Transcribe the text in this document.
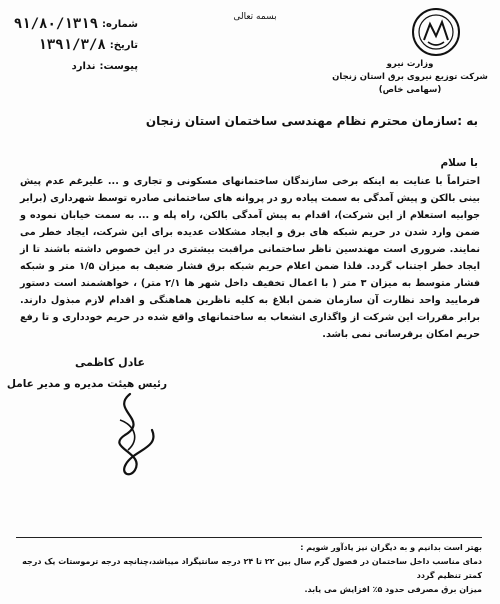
بسمه تعالی
وزارت نیرو
شرکت توزیع نیروی برق استان زنجان
(سهامی خاص)
شماره:
۹۱/۸۰/۱۳۱۹
تاریخ:
۱۳۹۱/۳/۸
پیوست:
ندارد
به :سازمان محترم نظام مهندسی ساختمان استان زنجان
با سلام
احتراماً با عنایت به اینکه برخی سازندگان ساختمانهای مسکونی و تجاری و ... علیرغم عدم پیش بینی بالکن و پیش آمدگی به سمت پیاده رو در پروانه های ساختمانی صادره توسط شهرداری (برابر جوابیه استعلام از این شرکت)، اقدام به پیش آمدگی بالکن، راه پله و ... به سمت خیابان نموده و ضمن وارد شدن در حریم شبکه های برق و ایجاد مشکلات عدیده برای این شرکت، ایجاد خطر می نمایند. ضروری است مهندسین ناظر ساختمانی مراقبت بیشتری در این خصوص داشته باشند تا از ایجاد خطر اجتناب گردد. فلذا ضمن اعلام حریم شبکه برق فشار ضعیف به میزان ۱/۵ متر و شبکه فشار متوسط به میزان ۳ متر ( با اعمال تخفیف داخل شهر ها ۲/۱ متر) ، خواهشمند است دستور فرمایید واحد نظارت آن سازمان ضمن ابلاغ به کلیه ناظرین هماهنگی و اقدام لازم مبذول دارند. برابر مقررات این شرکت از واگذاری انشعاب به ساختمانهای واقع شده در حریم خودداری و تا رفع حریم امکان برقرسانی نمی باشد.
عادل کاظمی
رئیس هیئت مدیره و مدیر عامل
بهتر است بدانیم و به دیگران نیز یادآور شویم :
دمای مناسب داخل ساختمان در فصول گرم سال بین ۲۲ تا ۲۴ درجه سانتیگراد میباشد،چنانچه درجه ترموستات یک درجه کمتر تنظیم گردد
میزان برق مصرفی حدود ۵٪ افزایش می یابد.
